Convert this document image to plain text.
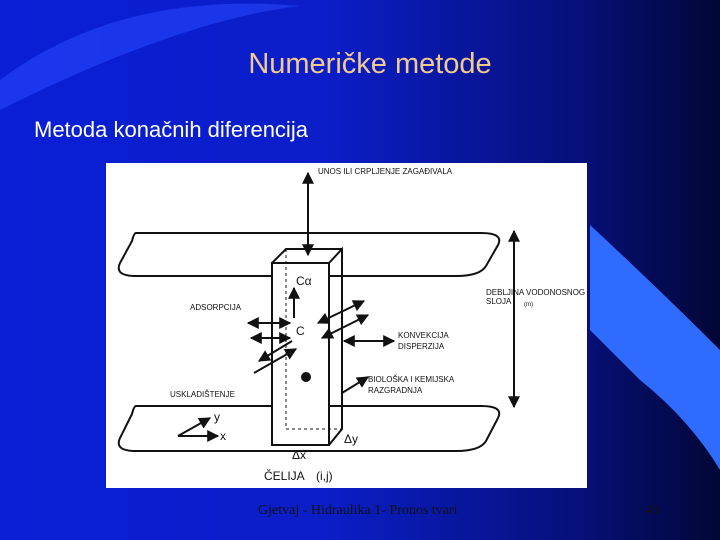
Numeričke metode
Metoda konačnih diferencija
UNOS ILI CRPLJENJE ZAGAĐIVALA
DEBLJINA VODONOSNOG
SLOJA (m)
ADSORPCIJA
KONVEKCIJA
DISPERZIJA
BIOLOŠKA I KEMIJSKA
RAZGRADNJA
USKLADIŠTENJE
Cα
C
y
x
Δx
Δy
ČELIJA (i,j)
Gjetvaj - Hidraulika 1- Pronos tvari	49
